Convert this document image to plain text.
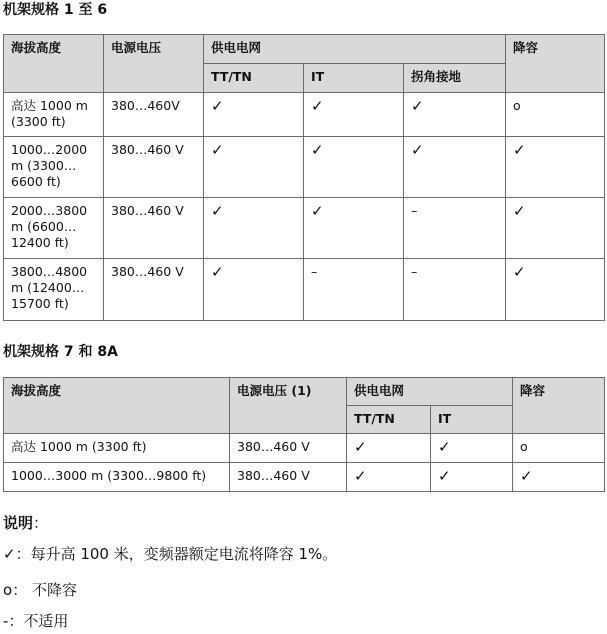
机架规格 1 至 6
海拔高度	电源电压	供电电网			降容
		TT/TN	IT	拐角接地	
高达 1000 m
(3300 ft)	380…460V	✓	✓	✓	o
1000…2000
m (3300…
6600 ft)	380…460 V	✓	✓	✓	✓
2000…3800
m (6600…
12400 ft)	380…460 V	✓	✓	–	✓
3800…4800
m (12400…
15700 ft)	380…460 V	✓	–	–	✓
机架规格 7 和 8A
海拔高度	电源电压 (1)	供电电网		降容
		TT/TN	IT	
高达 1000 m (3300 ft)	380…460 V	✓	✓	o
1000…3000 m (3300…9800 ft)	380…460 V	✓	✓	✓
说明：
✓：每升高 100 米，变频器额定电流将降容 1%。
o： 不降容
-：不适用
